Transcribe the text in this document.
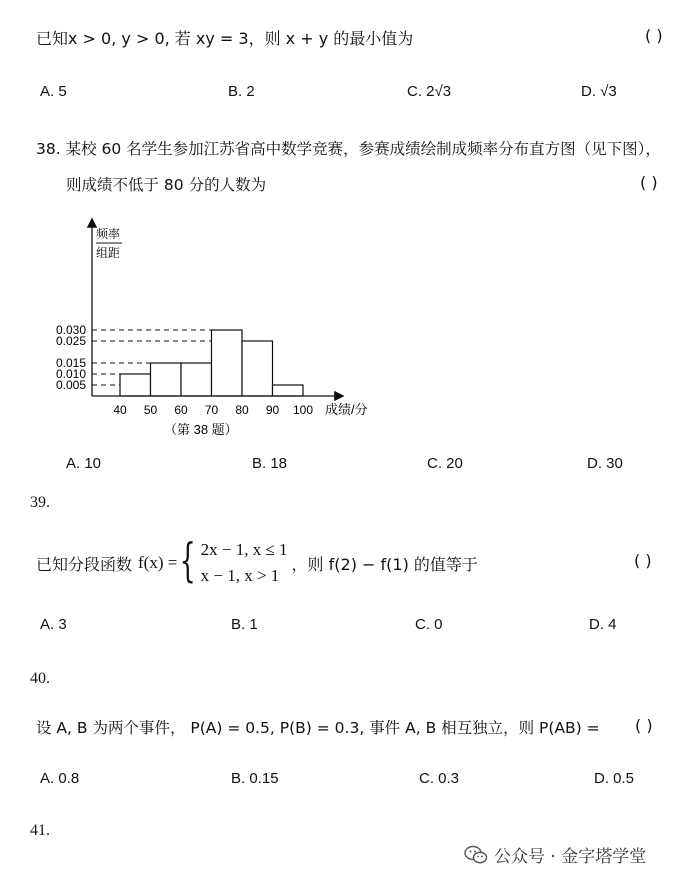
已知x > 0, y > 0, 若 xy = 3，则 x + y 的最小值为	( )
A. 5	B. 2	C. 2√3	D. √3
38. 某校 60 名学生参加江苏省高中数学竞赛，参赛成绩绘制成频率分布直方图（见下图），
则成绩不低于 80 分的人数为	( )
频率
组距
0.005
0.010
0.015
0.025
0.030
40 50 60 70 80 90 100 成绩/分
（第 38 题）
A. 10	B. 18	C. 20	D. 30
39.
已知分段函数 f(x) = { 2x − 1, x ≤ 1
x − 1, x > 1
，则 f(2) − f(1) 的值等于	( )
A. 3	B. 1	C. 0	D. 4
40.
设 A, B 为两个事件， P(A) = 0.5, P(B) = 0.3, 事件 A, B 相互独立，则 P(AB) = ( )
A. 0.8	B. 0.15	C. 0.3	D. 0.5
41.
公众号 · 金字塔学堂
